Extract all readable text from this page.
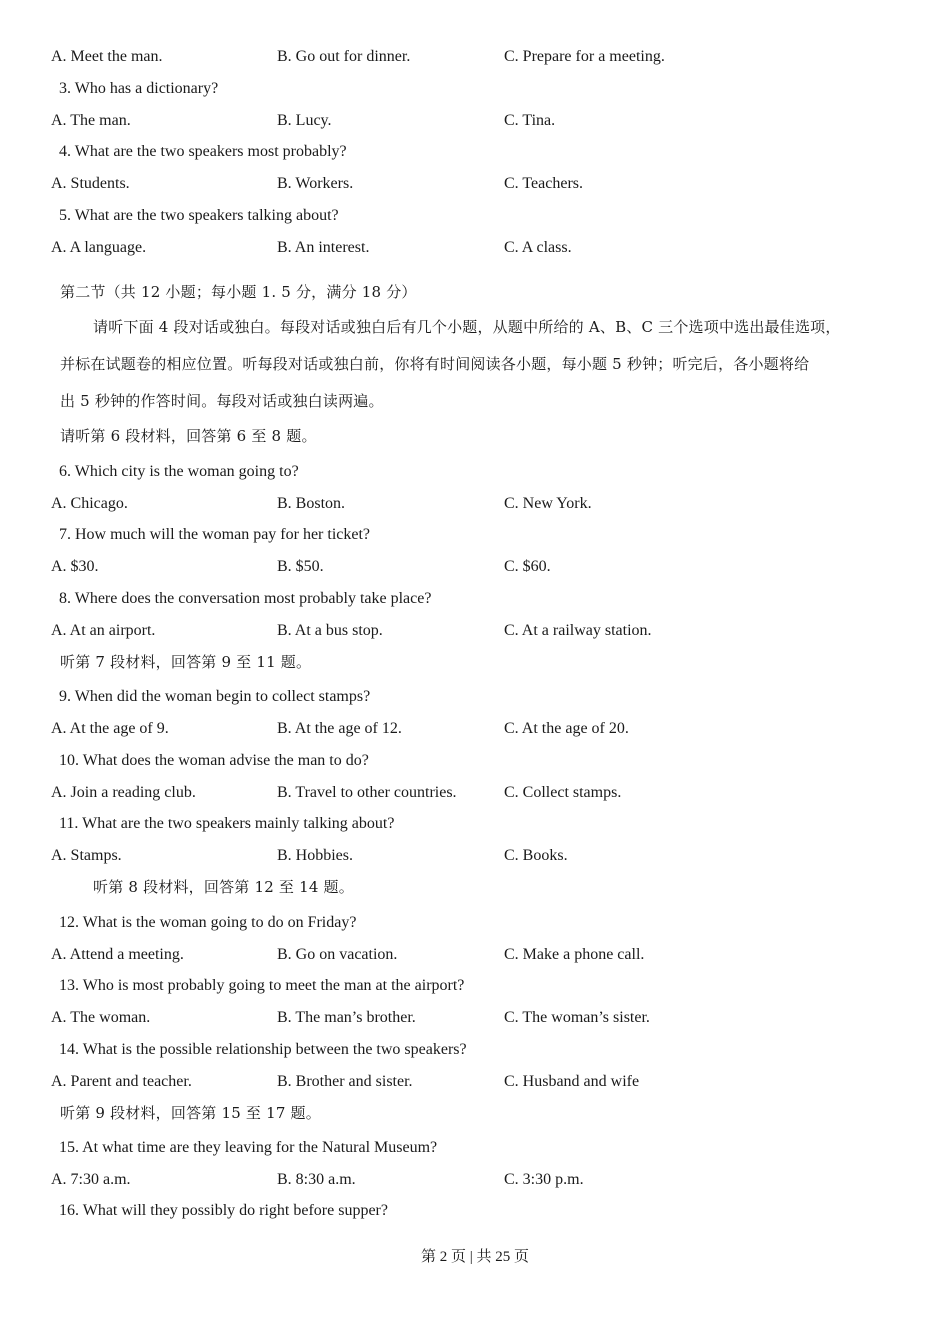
A. Meet the man.	B. Go out for dinner.	C. Prepare for a meeting.
3. Who has a dictionary?
A. The man.	B. Lucy.	C. Tina.
4. What are the two speakers most probably?
A. Students.	B. Workers.	C. Teachers.
5. What are the two speakers talking about?
A. A language.	B. An interest.	C. A class.
第二节（共 12 小题；每小题 1. 5 分，满分 18 分）
请听下面 4 段对话或独白。每段对话或独白后有几个小题，从题中所给的 A、B、C 三个选项中选出最佳选项，
并标在试题卷的相应位置。听每段对话或独白前，你将有时间阅读各小题，每小题 5 秒钟；听完后，各小题将给
出 5 秒钟的作答时间。每段对话或独白读两遍。
请听第 6 段材料，回答第 6 至 8 题。
6. Which city is the woman going to?
A. Chicago.	B. Boston.	C. New York.
7. How much will the woman pay for her ticket?
A. $30.	B. $50.	C. $60.
8. Where does the conversation most probably take place?
A. At an airport.	B. At a bus stop.	C. At a railway station.
听第 7 段材料，回答第 9 至 11 题。
9. When did the woman begin to collect stamps?
A. At the age of 9.	B. At the age of 12.	C. At the age of 20.
10. What does the woman advise the man to do?
A. Join a reading club.	B. Travel to other countries.	C. Collect stamps.
11. What are the two speakers mainly talking about?
A. Stamps.	B. Hobbies.	C. Books.
听第 8 段材料，回答第 12 至 14 题。
12. What is the woman going to do on Friday?
A. Attend a meeting.	B. Go on vacation.	C. Make a phone call.
13. Who is most probably going to meet the man at the airport?
A. The woman.	B. The man’s brother.	C. The woman’s sister.
14. What is the possible relationship between the two speakers?
A. Parent and teacher.	B. Brother and sister.	C. Husband and wife
听第 9 段材料，回答第 15 至 17 题。
15. At what time are they leaving for the Natural Museum?
A. 7:30 a.m.	B. 8:30 a.m.	C. 3:30 p.m.
16. What will they possibly do right before supper?
第 2 页 | 共 25 页
